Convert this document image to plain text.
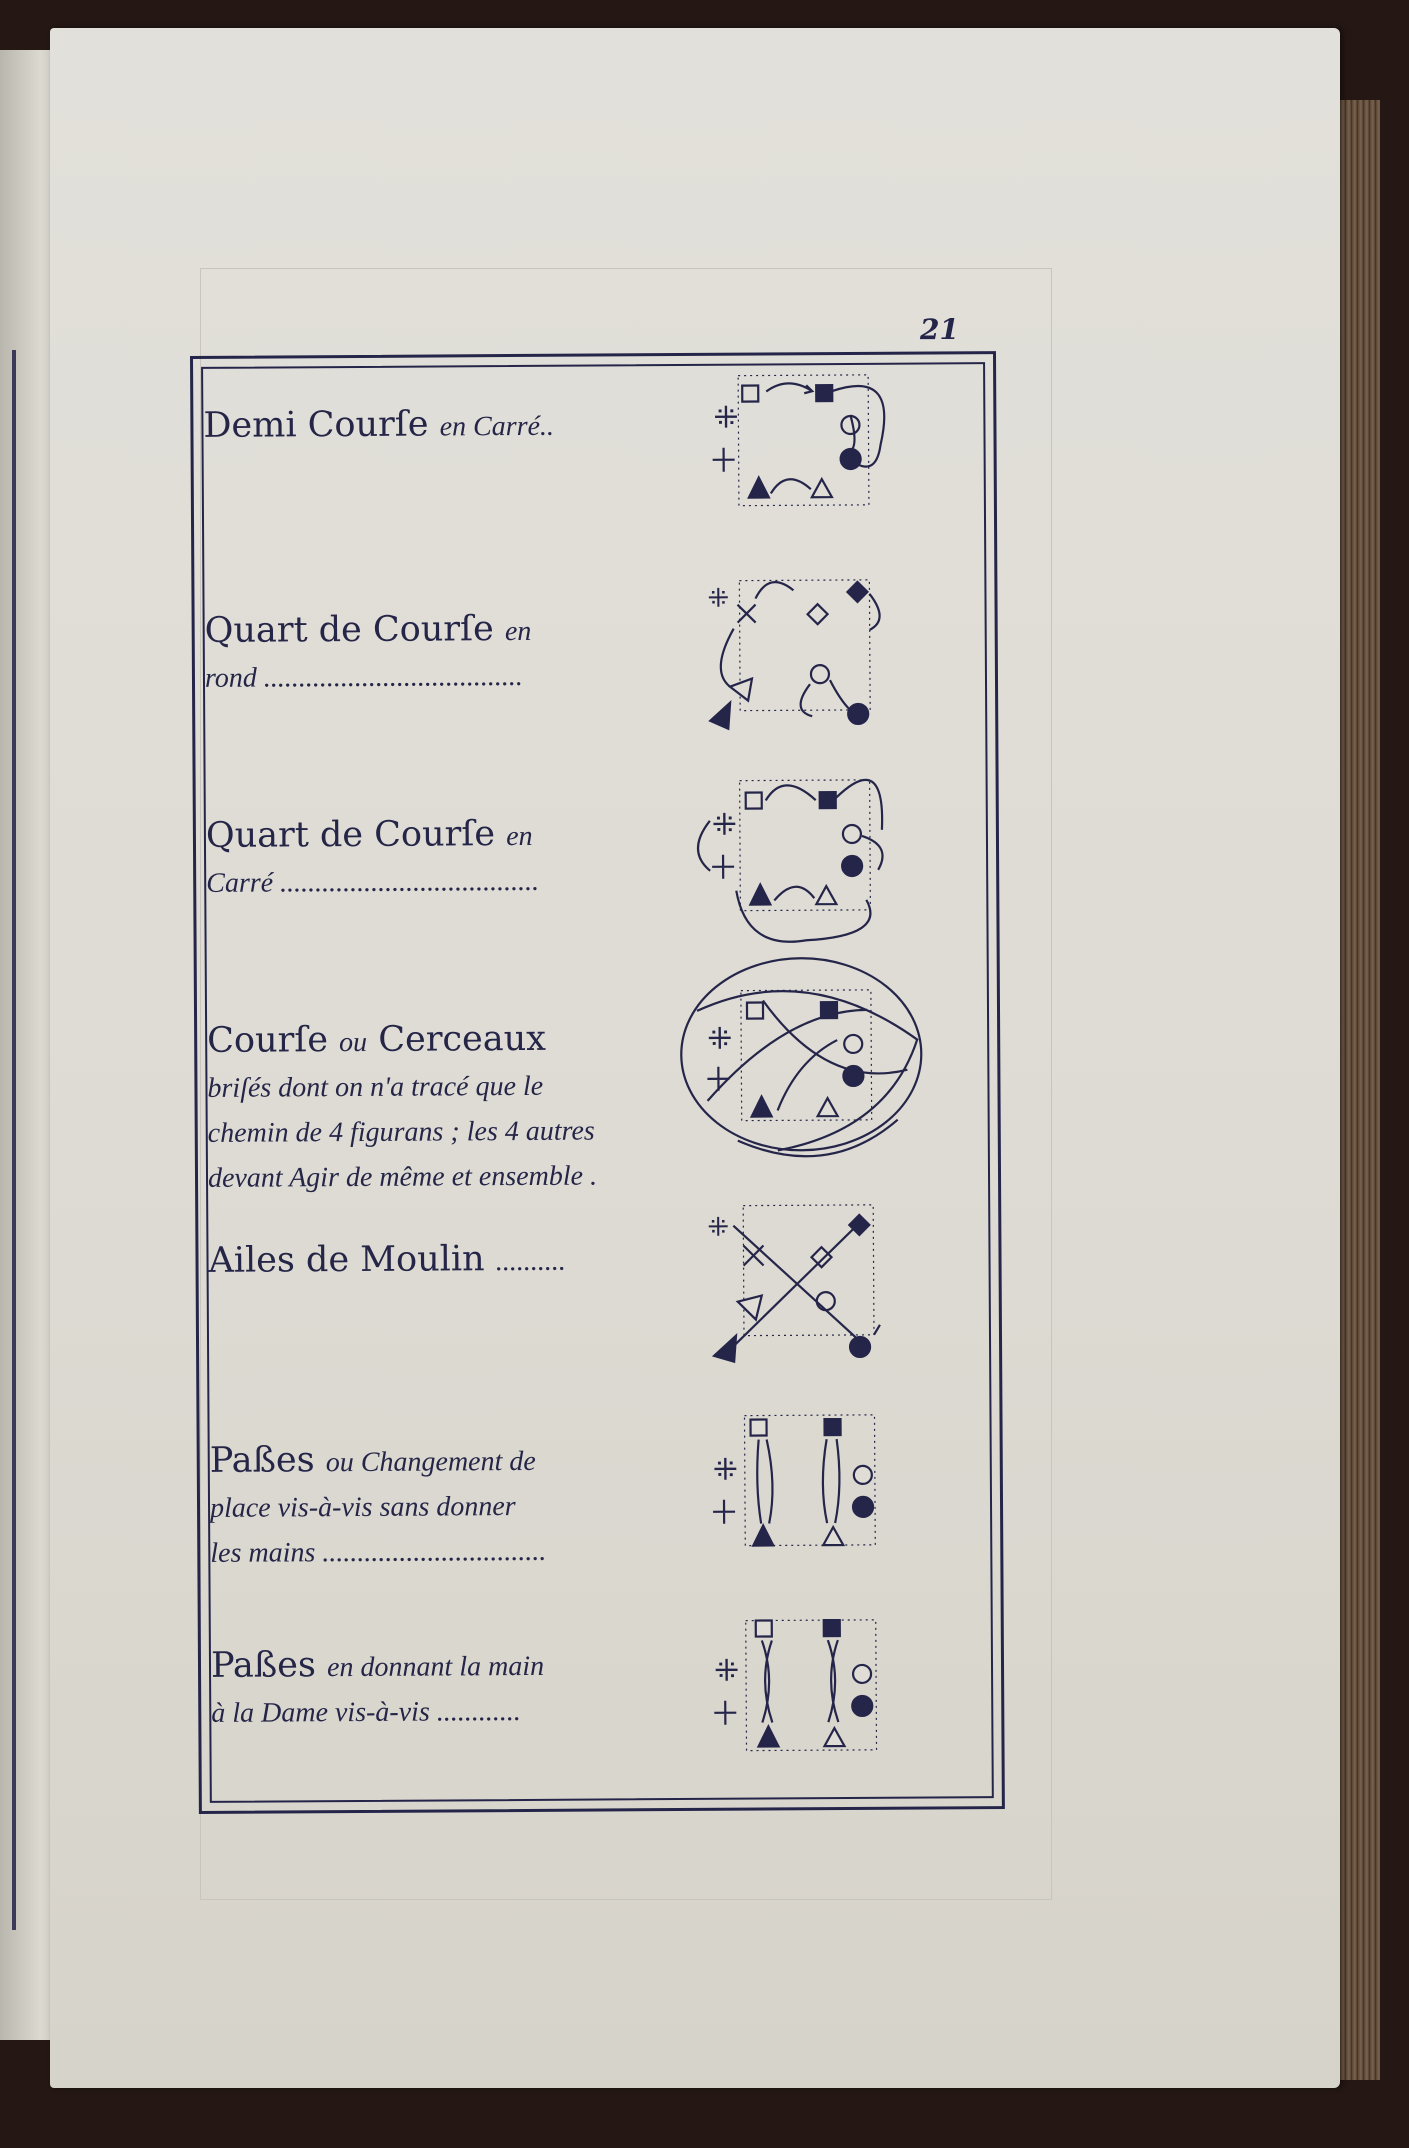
21
Demi Courſe en Carré..
Quart de Courſe en
rond .....................................
Quart de Courſe en
Carré .....................................
Courſe ou Cerceaux
briſés dont on n'a tracé que le
chemin de 4 figurans ; les 4 autres
devant Agir de même et ensemble .
Ailes de Moulin ..........
Paßes ou Changement de
place vis-à-vis sans donner
les mains ................................
Paßes en donnant la main
à la Dame vis-à-vis ............
⁜
⁜
⁜
⁜
⁜
⁜
⁜
